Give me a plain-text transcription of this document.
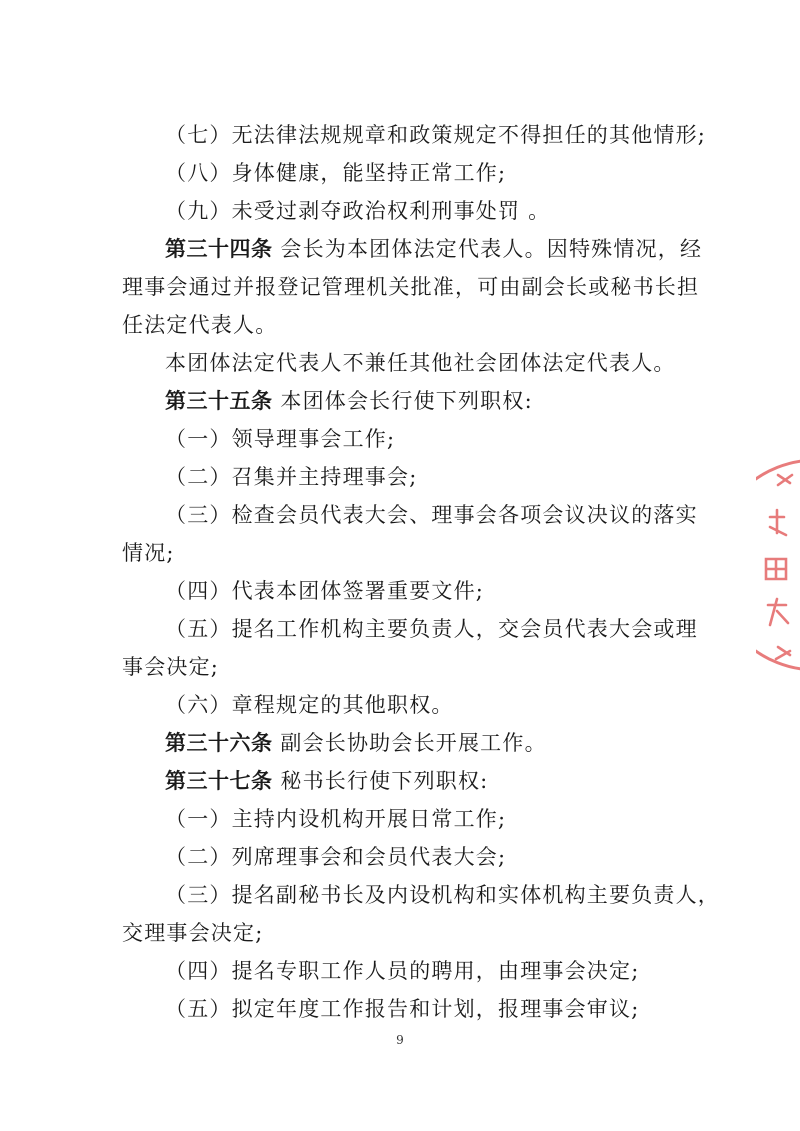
（七）无法律法规规章和政策规定不得担任的其他情形;
（八）身体健康，能坚持正常工作;
（九）未受过剥夺政治权利刑事处罚 。
第三十四条 会长为本团体法定代表人。因特殊情况，经
理事会通过并报登记管理机关批准，可由副会长或秘书长担
任法定代表人。
本团体法定代表人不兼任其他社会团体法定代表人。
第三十五条 本团体会长行使下列职权:
（一）领导理事会工作;
（二）召集并主持理事会;
（三）检查会员代表大会、理事会各项会议决议的落实
情况;
（四）代表本团体签署重要文件;
（五）提名工作机构主要负责人，交会员代表大会或理
事会决定;
（六）章程规定的其他职权。
第三十六条 副会长协助会长开展工作。
第三十七条 秘书长行使下列职权:
（一）主持内设机构开展日常工作;
（二）列席理事会和会员代表大会;
（三）提名副秘书长及内设机构和实体机构主要负责人，
交理事会决定;
（四）提名专职工作人员的聘用，由理事会决定;
（五）拟定年度工作报告和计划，报理事会审议;
9
